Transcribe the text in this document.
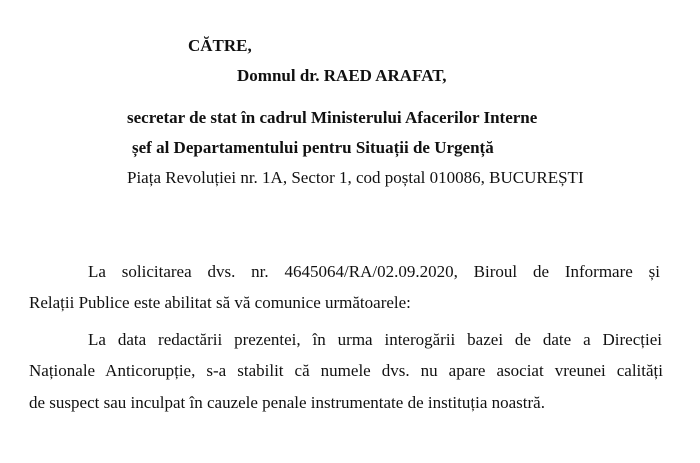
CĂTRE,
Domnul dr. RAED ARAFAT,
secretar de stat în cadrul Ministerului Afacerilor Interne
șef al Departamentului pentru Situații de Urgență
Piața Revoluției nr. 1A, Sector 1, cod poștal 010086, BUCUREȘTI
La solicitarea dvs. nr. 4645064/RA/02.09.2020, Biroul de Informare și
Relații Publice este abilitat să vă comunice următoarele:
La data redactării prezentei, în urma interogării bazei de date a Direcției
Naționale Anticorupție, s-a stabilit că numele dvs. nu apare asociat vreunei calități
de suspect sau inculpat în cauzele penale instrumentate de instituția noastră.
